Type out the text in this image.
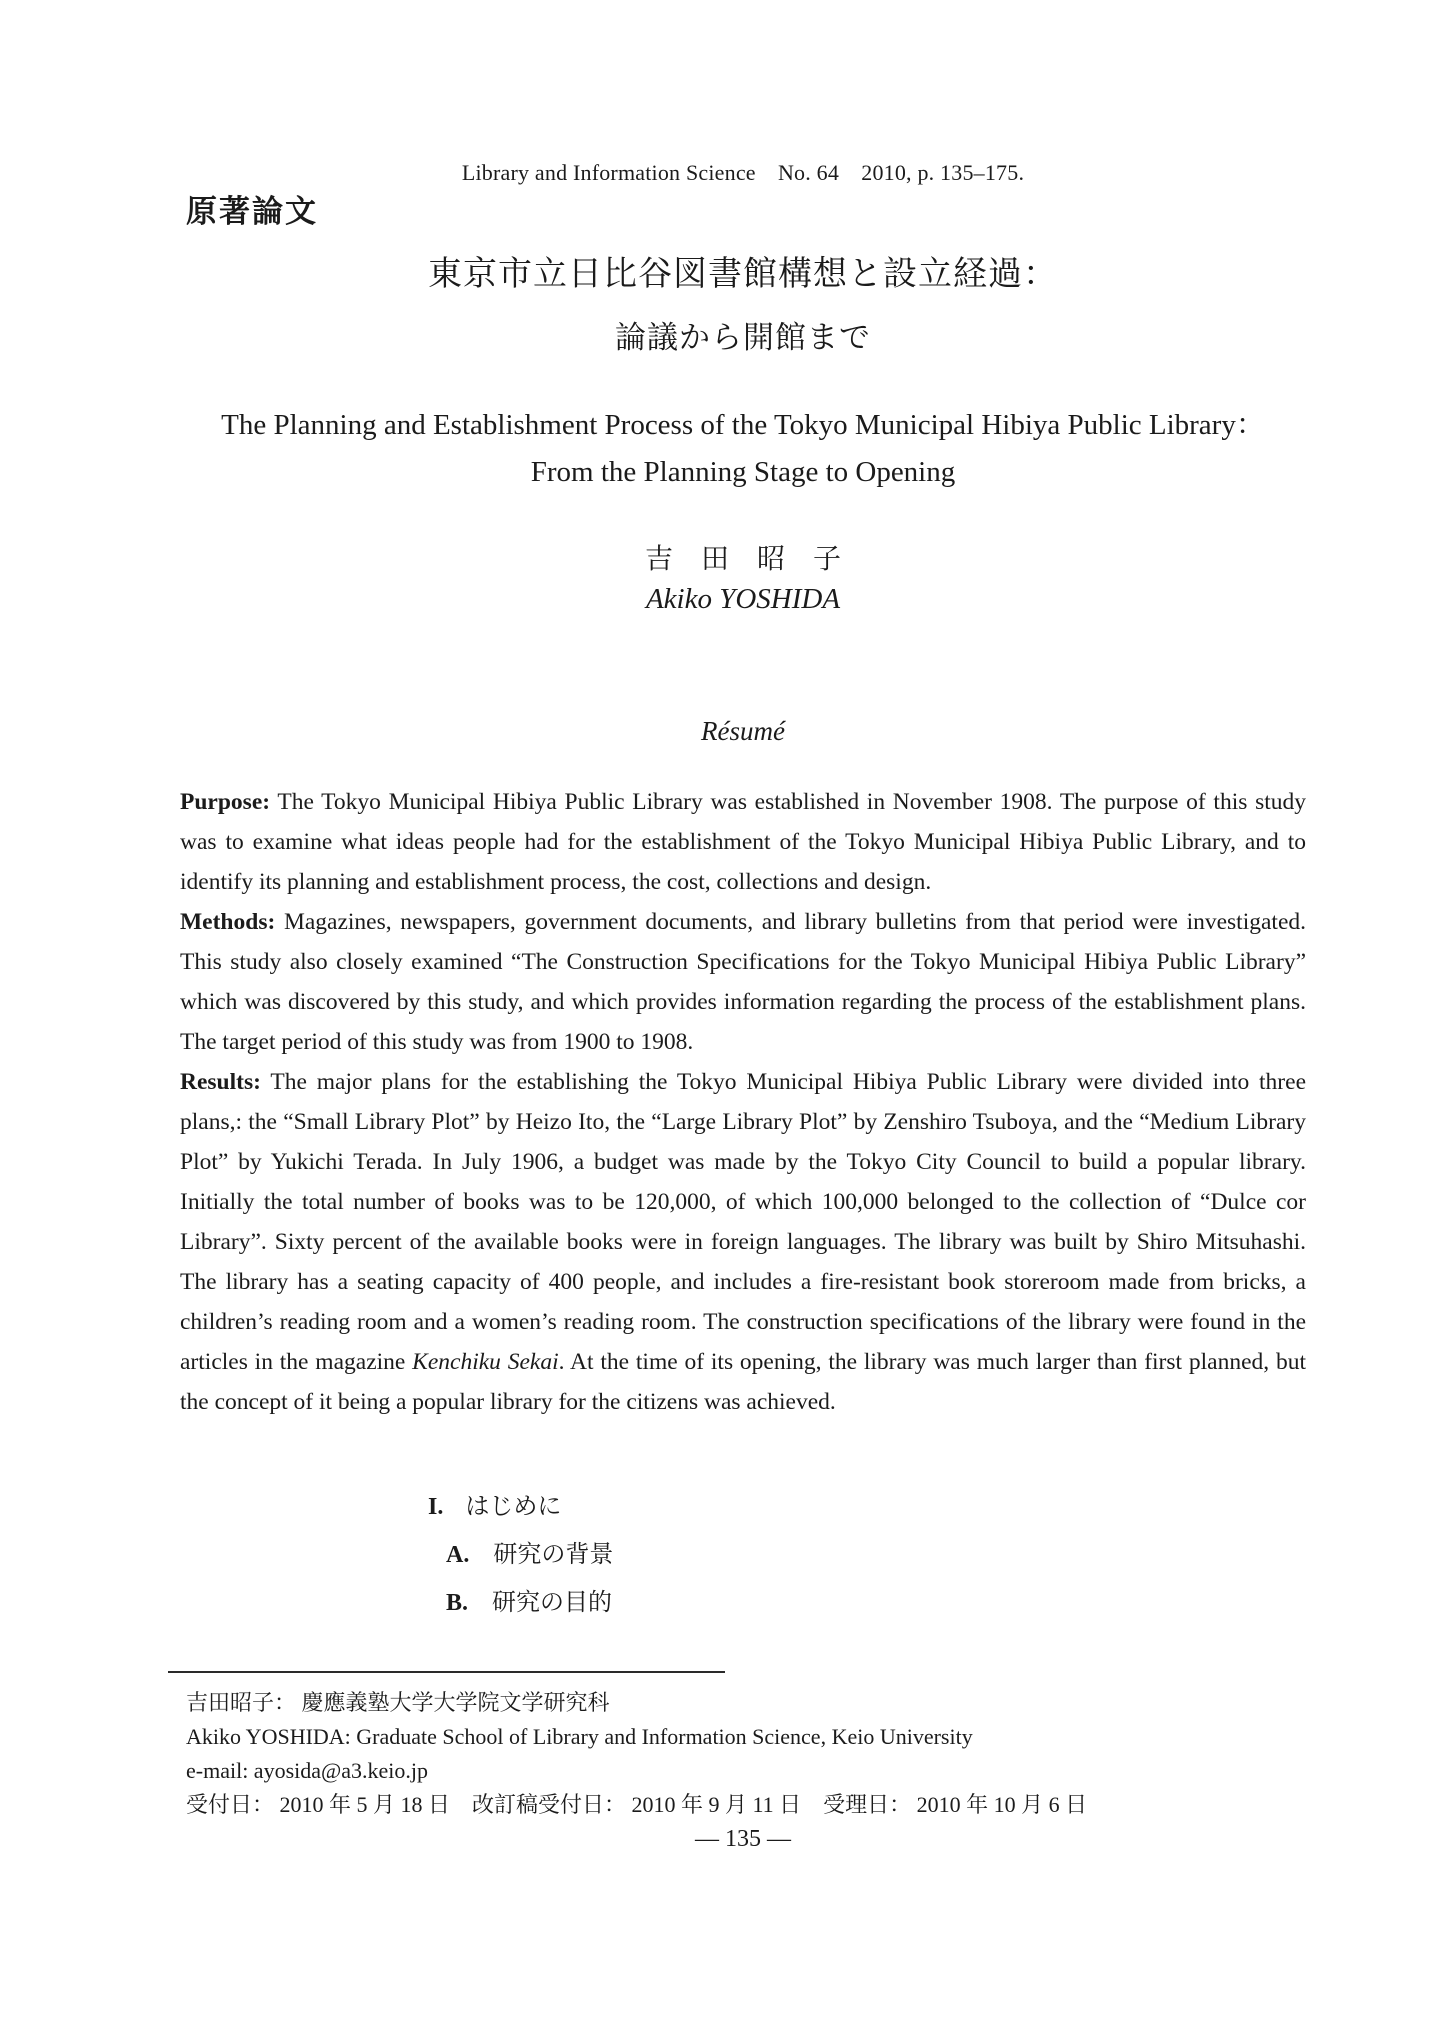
Library and Information Science　No. 64　2010, p. 135–175.
原著論文
東京市立日比谷図書館構想と設立経過：
論議から開館まで
The Planning and Establishment Process of the Tokyo Municipal Hibiya Public Library：
From the Planning Stage to Opening
吉　田　昭　子
Akiko YOSHIDA
Résumé

Purpose: The Tokyo Municipal Hibiya Public Library was established in November 1908. The purpose of this study was to examine what ideas people had for the establishment of the Tokyo Municipal Hibiya Public Library, and to identify its planning and establishment process, the cost, collections and design.

Methods: Magazines, newspapers, government documents, and library bulletins from that period were investigated. This study also closely examined “The Construction Specifications for the Tokyo Municipal Hibiya Public Library” which was discovered by this study, and which provides information regarding the process of the establishment plans. The target period of this study was from 1900 to 1908.

Results: The major plans for the establishing the Tokyo Municipal Hibiya Public Library were divided into three plans,: the “Small Library Plot” by Heizo Ito, the “Large Library Plot” by Zenshiro Tsuboya, and the “Medium Library Plot” by Yukichi Terada. In July 1906, a budget was made by the Tokyo City Council to build a popular library. Initially the total number of books was to be 120,000, of which 100,000 belonged to the collection of “Dulce cor Library”. Sixty percent of the available books were in foreign languages. The library was built by Shiro Mitsuhashi. The library has a seating capacity of 400 people, and includes a fire-resistant book storeroom made from bricks, a children’s reading room and a women’s reading room. The construction specifications of the library were found in the articles in the magazine Kenchiku Sekai. At the time of its opening, the library was much larger than first planned, but the concept of it being a popular library for the citizens was achieved.

I. はじめに
A. 研究の背景
B. 研究の目的
吉田昭子： 慶應義塾大学大学院文学研究科
Akiko YOSHIDA: Graduate School of Library and Information Science, Keio University
e-mail: ayosida@a3.keio.jp
受付日： 2010 年 5 月 18 日　改訂稿受付日： 2010 年 9 月 11 日　受理日： 2010 年 10 月 6 日
— 135 —
